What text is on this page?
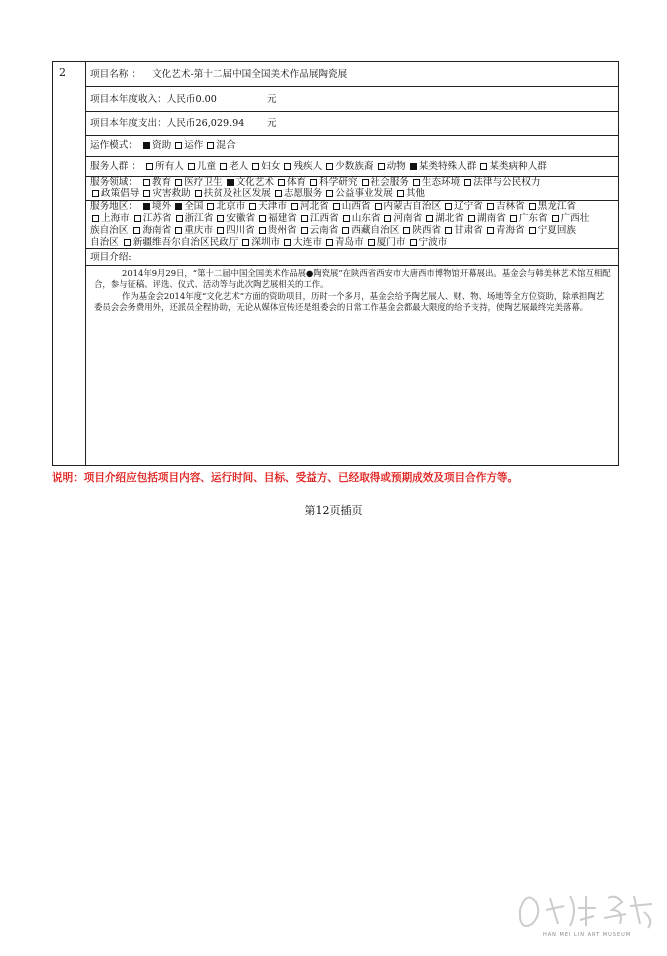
2	项目名称 ： 文化艺术-第十二届中国全国美术作品展陶瓷展
项目本年度收入：人民币0.00	元
项目本年度支出：人民币26,029.94 元
运作模式： 资助 运作 混合
服务人群 ： 所有人 儿童 老人 妇女 残疾人 少数族裔 动物 某类特殊人群 某类病种人群
服务领域： 教育 医疗卫生 文化艺术 体育 科学研究 社会服务 生态环境 法律与公民权力
政策倡导 灾害救助 扶贫及社区发展 志愿服务 公益事业发展 其他
服务地区： 境外 全国 北京市 天津市 河北省 山西省 内蒙古自治区 辽宁省 吉林省 黑龙江省
上海市 江苏省 浙江省 安徽省 福建省 江西省 山东省 河南省 湖北省 湖南省 广东省 广西壮
族自治区 海南省 重庆市 四川省 贵州省 云南省 西藏自治区 陕西省 甘肃省 青海省 宁夏回族
自治区 新疆维吾尔自治区民政厅 深圳市 大连市 青岛市 厦门市 宁波市
项目介绍:
2014年9月29日，“第十二届中国全国美术作品展●陶瓷展”在陕西省西安市大唐西市博物馆开幕展出。基金会与韩美林艺术馆互相配合，参与征稿、评选、仪式、活动等与此次陶艺展相关的工作。
作为基金会2014年度“文化艺术”方面的资助项目，历时一个多月，基金会给予陶艺展人、财、物、场地等全方位资助，除承担陶艺委员会会务费用外，还派员全程协助，无论从媒体宣传还是组委会的日常工作基金会都最大限度的给予支持，使陶艺展最终完美落幕。
说明：项目介绍应包括项目内容、运行时间、目标、受益方、已经取得或预期成效及项目合作方等。
第12页插页
HAN MEI LIN ART MUSEUM
